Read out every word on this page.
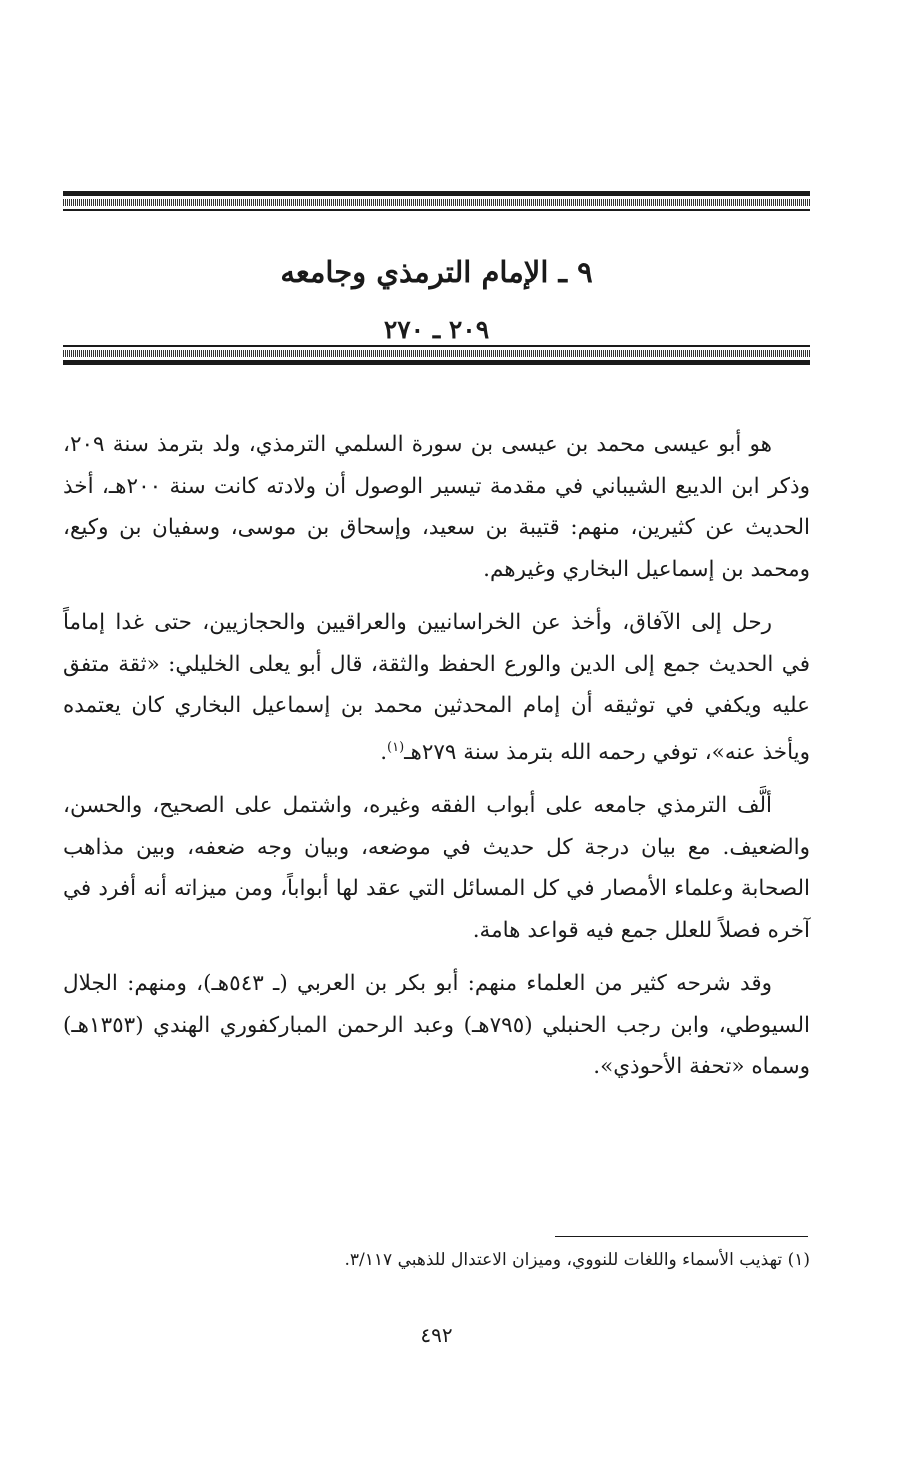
٩ ـ الإمام الترمذي وجامعه
٢٠٩ ـ ٢٧٠

هو أبو عيسى محمد بن عيسى بن سورة السلمي الترمذي، ولد بترمذ سنة ٢٠٩، وذكر ابن الديبع الشيباني في مقدمة تيسير الوصول أن ولادته كانت سنة ٢٠٠هـ، أخذ الحديث عن كثيرين، منهم: قتيبة بن سعيد، وإسحاق بن موسى، وسفيان بن وكيع، ومحمد بن إسماعيل البخاري وغيرهم.

رحل إلى الآفاق، وأخذ عن الخراسانيين والعراقيين والحجازيين، حتى غدا إماماً في الحديث جمع إلى الدين والورع الحفظ والثقة، قال أبو يعلى الخليلي: «ثقة متفق عليه ويكفي في توثيقه أن إمام المحدثين محمد بن إسماعيل البخاري كان يعتمده ويأخذ عنه»، توفي رحمه الله بترمذ سنة ٢٧٩هـ$^{(١)}$.

ألَّف الترمذي جامعه على أبواب الفقه وغيره، واشتمل على الصحيح، والحسن، والضعيف. مع بيان درجة كل حديث في موضعه، وبيان وجه ضعفه، وبين مذاهب الصحابة وعلماء الأمصار في كل المسائل التي عقد لها أبواباً، ومن ميزاته أنه أفرد في آخره فصلاً للعلل جمع فيه قواعد هامة.

وقد شرحه كثير من العلماء منهم: أبو بكر بن العربي (ـ ٥٤٣هـ)، ومنهم: الجلال السيوطي، وابن رجب الحنبلي (٧٩٥هـ) وعبد الرحمن المباركفوري الهندي (١٣٥٣هـ) وسماه «تحفة الأحوذي».

(١) تهذيب الأسماء واللغات للنووي، وميزان الاعتدال للذهبي ٣/١١٧.
٤٩٢
